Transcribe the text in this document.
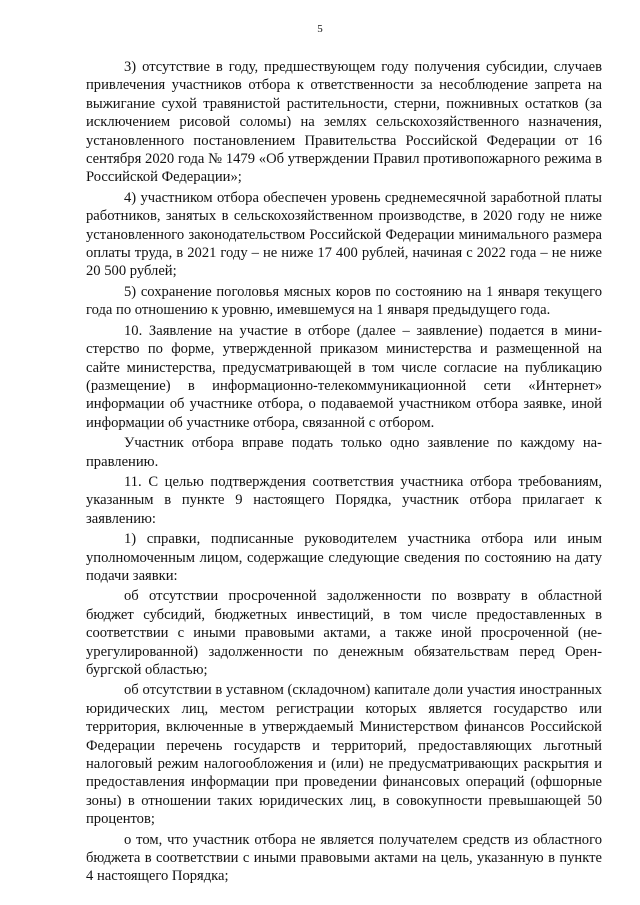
5

3) отсутствие в году, предшествующем году получения субсидии, случаев привлечения участников отбора к ответственности за несоблюдение запрета на выжигание сухой травянистой растительности, стерни, пожнивных остатков (за исключением рисовой соломы) на землях сельскохозяйственного назначения, установленного постановлением Правительства Российской Федерации от 16 сентября 2020 года № 1479 «Об утверждении Правил противопожарного режима в Российской Федерации»;

4) участником отбора обеспечен уровень среднемесячной заработной платы работников, занятых в сельскохозяйственном производстве, в 2020 году не ниже установленного законодательством Российской Федерации минимального размера оплаты труда, в 2021 году – не ниже 17 400 рублей, начиная с 2022 года – не ниже 20 500 рублей;

5) сохранение поголовья мясных коров по состоянию на 1 января текущего года по отношению к уровню, имевшемуся на 1 января предыдущего года.

10. Заявление на участие в отборе (далее – заявление) подается в министерство по форме, утвержденной приказом министерства и размещенной на сайте министерства, предусматривающей в том числе согласие на публикацию (размещение) в информационно-телекоммуникационной сети «Интернет» информации об участнике отбора, о подаваемой участником отбора заявке, иной информации об участнике отбора, связанной с отбором.

Участник отбора вправе подать только одно заявление по каждому направлению.

11. С целью подтверждения соответствия участника отбора требованиям, указанным в пункте 9 настоящего Порядка, участник отбора прилагает к заявлению:

1) справки, подписанные руководителем участника отбора или иным уполномоченным лицом, содержащие следующие сведения по состоянию на дату подачи заявки:

об отсутствии просроченной задолженности по возврату в областной бюджет субсидий, бюджетных инвестиций, в том числе предоставленных в соответствии с иными правовыми актами, а также иной просроченной (неурегулированной) задолженности по денежным обязательствам перед Оренбургской областью;

об отсутствии в уставном (складочном) капитале доли участия иностранных юридических лиц, местом регистрации которых является государство или территория, включенные в утверждаемый Министерством финансов Российской Федерации перечень государств и территорий, предоставляющих льготный налоговый режим налогообложения и (или) не предусматривающих раскрытия и предоставления информации при проведении финансовых операций (офшорные зоны) в отношении таких юридических лиц, в совокупности превышающей 50 процентов;

о том, что участник отбора не является получателем средств из областного бюджета в соответствии с иными правовыми актами на цель, указанную в пункте 4 настоящего Порядка;
